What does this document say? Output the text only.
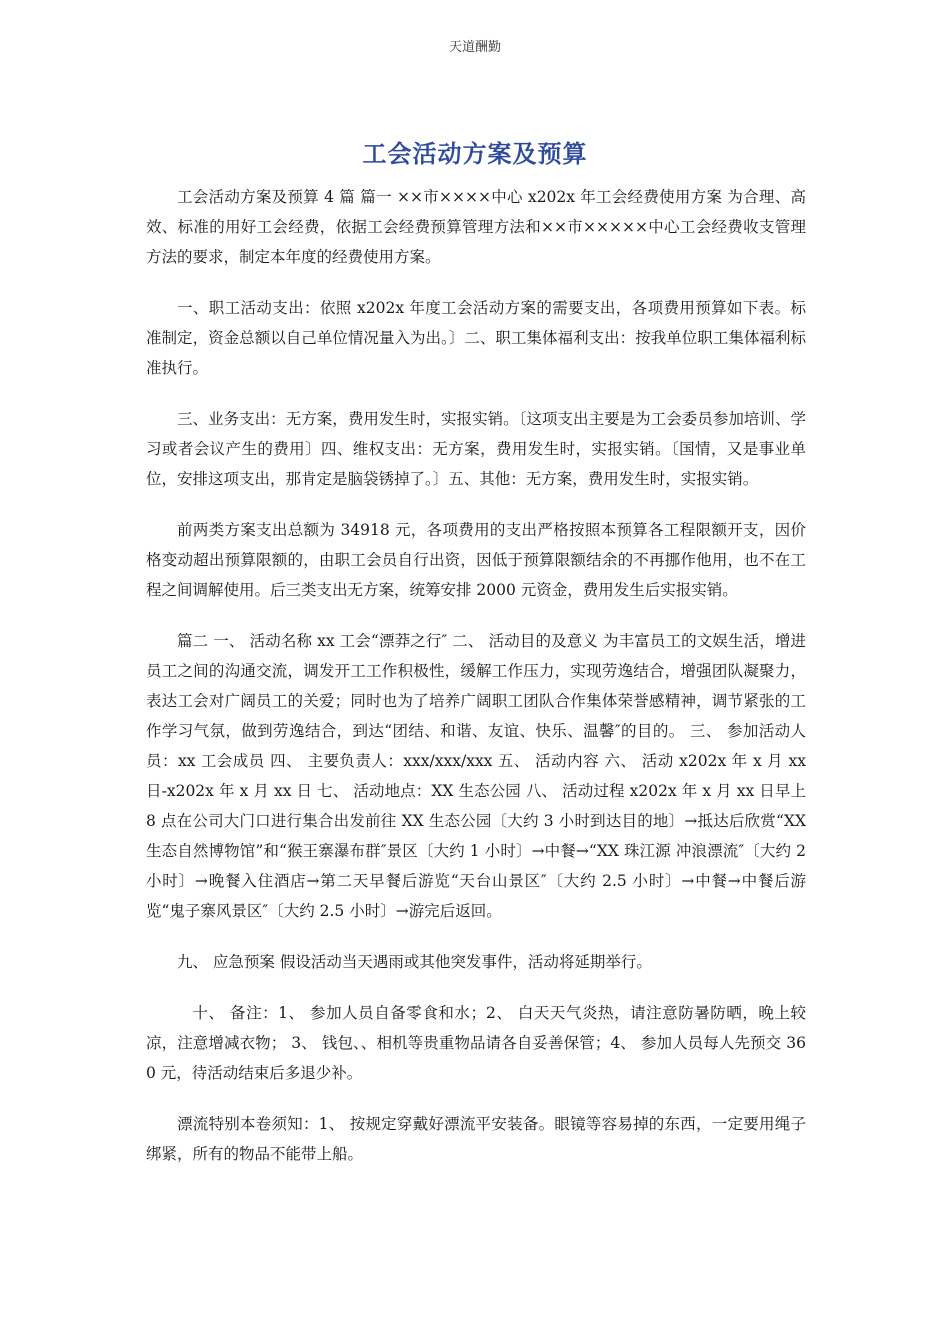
天道酬勤
工会活动方案及预算

工会活动方案及预算 4 篇 篇一 ××市××××中心 x202x 年工会经费使用方案 为合理、高效、标准的用好工会经费，依据工会经费预算管理方法和××市×××××中心工会经费收支管理方法的要求，制定本年度的经费使用方案。

一、职工活动支出：依照 x202x 年度工会活动方案的需要支出，各项费用预算如下表。标准制定，资金总额以自己单位情况量入为出。〕二、职工集体福利支出：按我单位职工集体福利标准执行。

三、业务支出：无方案，费用发生时，实报实销。〔这项支出主要是为工会委员参加培训、学习或者会议产生的费用〕四、维权支出：无方案，费用发生时，实报实销。〔国情，又是事业单位，安排这项支出，那肯定是脑袋锈掉了。〕五、其他：无方案，费用发生时，实报实销。

前两类方案支出总额为 34918 元，各项费用的支出严格按照本预算各工程限额开支，因价格变动超出预算限额的，由职工会员自行出资，因低于预算限额结余的不再挪作他用，也不在工程之间调解使用。后三类支出无方案，统筹安排 2000 元资金，费用发生后实报实销。

篇二 一、 活动名称 xx 工会“漂莽之行″ 二、 活动目的及意义 为丰富员工的文娱生活，增进员工之间的沟通交流，调发开工工作积极性，缓解工作压力，实现劳逸结合，增强团队凝聚力，表达工会对广阔员工的关爱；同时也为了培养广阔职工团队合作集体荣誉感精神，调节紧张的工作学习气氛，做到劳逸结合，到达“团结、和谐、友谊、快乐、温馨″的目的。 三、 参加活动人员：xx 工会成员 四、 主要负责人：xxx/xxx/xxx 五、 活动内容 六、 活动 x202x 年 x 月 xx 日-x202x 年 x 月 xx 日 七、 活动地点：XX 生态公园 八、 活动过程 x202x 年 x 月 xx 日早上 8 点在公司大门口进行集合出发前往 XX 生态公园〔大约 3 小时到达目的地〕→抵达后欣赏“XX 生态自然博物馆”和“猴王寨瀑布群″景区〔大约 1 小时〕→中餐→“XX 珠江源 冲浪漂流″〔大约 2 小时〕→晚餐入住酒店→第二天早餐后游览“天台山景区″〔大约 2.5 小时〕→中餐→中餐后游览“鬼子寨风景区″〔大约 2.5 小时〕→游完后返回。

九、 应急预案 假设活动当天遇雨或其他突发事件，活动将延期举行。

十、 备注：1、 参加人员自备零食和水；2、 白天天气炎热，请注意防暑防晒，晚上较凉，注意增减衣物； 3、 钱包、、相机等贵重物品请各自妥善保管；4、 参加人员每人先预交 360 元，待活动结束后多退少补。

漂流特别本卷须知：1、 按规定穿戴好漂流平安装备。眼镜等容易掉的东西，一定要用绳子绑紧，所有的物品不能带上船。
